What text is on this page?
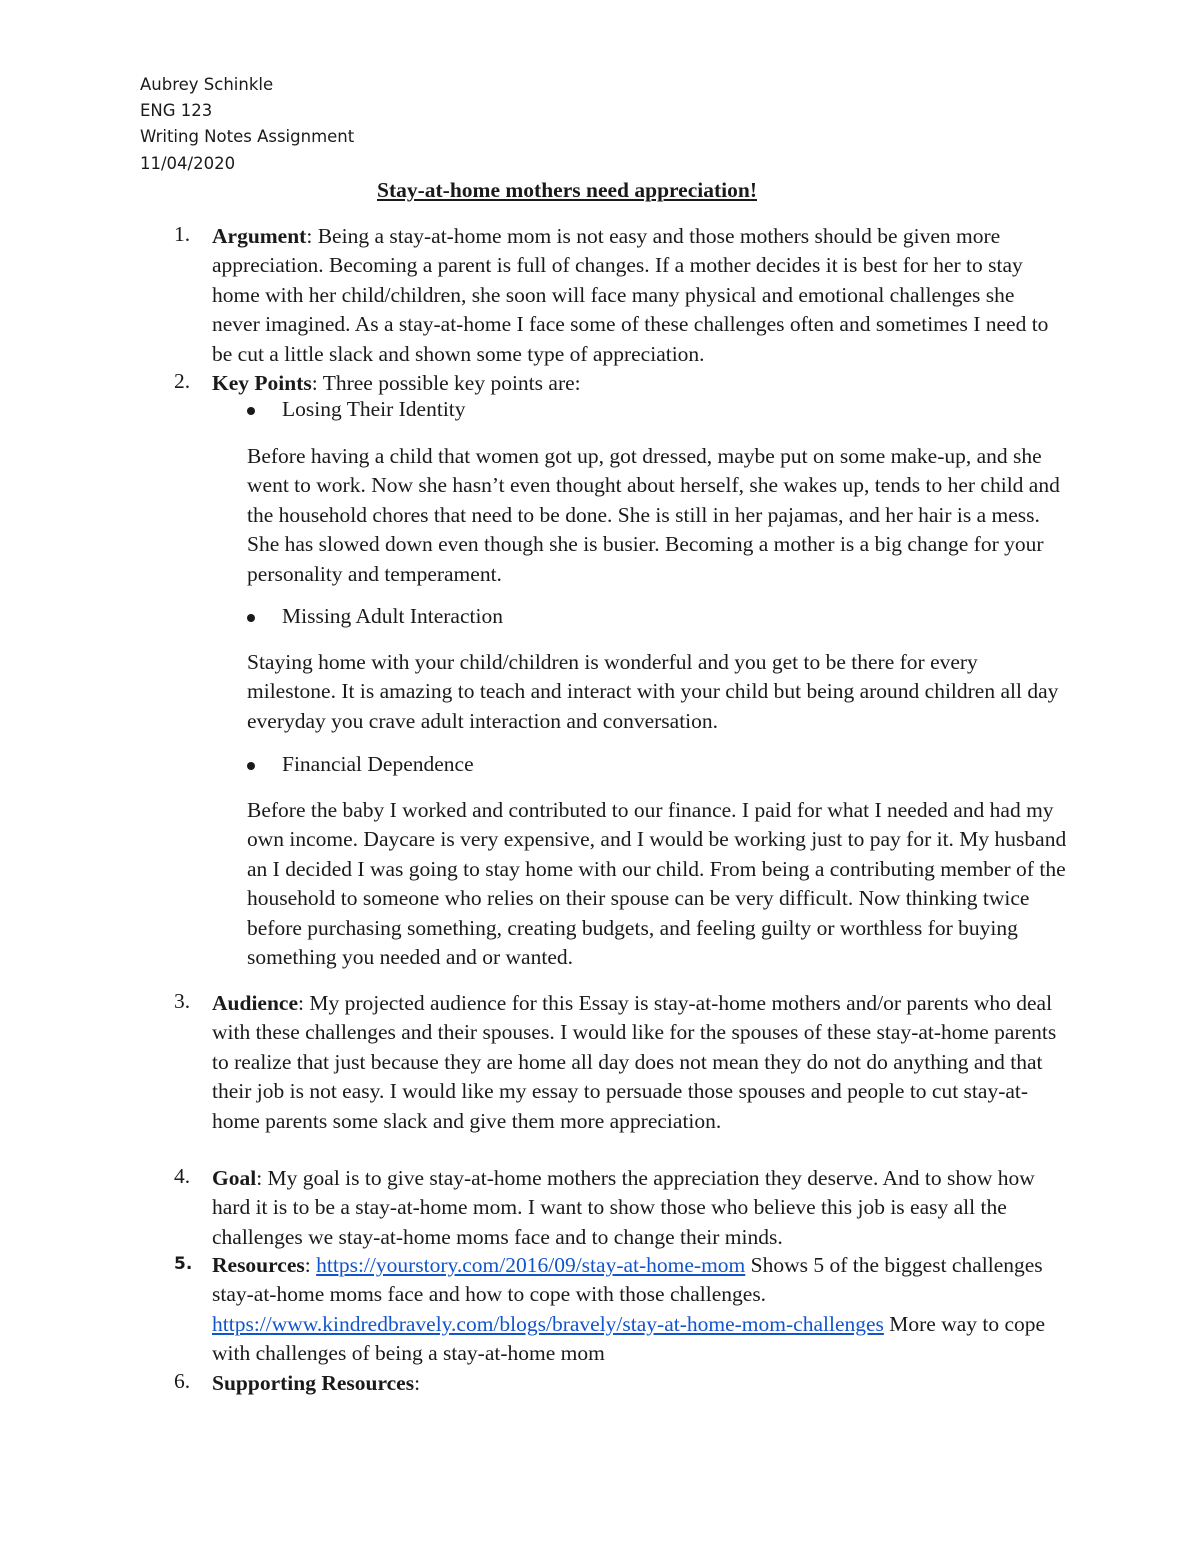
Aubrey Schinkle
ENG 123
Writing Notes Assignment
11/04/2020
Stay-at-home mothers need appreciation!
1. Argument: Being a stay-at-home mom is not easy and those mothers should be given more appreciation. Becoming a parent is full of changes. If a mother decides it is best for her to stay home with her child/children, she soon will face many physical and emotional challenges she never imagined. As a stay-at-home I face some of these challenges often and sometimes I need to be cut a little slack and shown some type of appreciation.
2. Key Points: Three possible key points are:
Losing Their Identity
Before having a child that women got up, got dressed, maybe put on some make-up, and she went to work. Now she hasn’t even thought about herself, she wakes up, tends to her child and the household chores that need to be done. She is still in her pajamas, and her hair is a mess. She has slowed down even though she is busier. Becoming a mother is a big change for your personality and temperament.
Missing Adult Interaction
Staying home with your child/children is wonderful and you get to be there for every milestone. It is amazing to teach and interact with your child but being around children all day everyday you crave adult interaction and conversation.
Financial Dependence
Before the baby I worked and contributed to our finance. I paid for what I needed and had my own income. Daycare is very expensive, and I would be working just to pay for it. My husband an I decided I was going to stay home with our child. From being a contributing member of the household to someone who relies on their spouse can be very difficult. Now thinking twice before purchasing something, creating budgets, and feeling guilty or worthless for buying something you needed and or wanted.
3. Audience: My projected audience for this Essay is stay-at-home mothers and/or parents who deal with these challenges and their spouses. I would like for the spouses of these stay-at-home parents to realize that just because they are home all day does not mean they do not do anything and that their job is not easy. I would like my essay to persuade those spouses and people to cut stay-at-home parents some slack and give them more appreciation.
4. Goal: My goal is to give stay-at-home mothers the appreciation they deserve. And to show how hard it is to be a stay-at-home mom. I want to show those who believe this job is easy all the challenges we stay-at-home moms face and to change their minds.
5. Resources: https://yourstory.com/2016/09/stay-at-home-mom Shows 5 of the biggest challenges stay-at-home moms face and how to cope with those challenges.
https://www.kindredbravely.com/blogs/bravely/stay-at-home-mom-challenges More way to cope with challenges of being a stay-at-home mom
6. Supporting Resources:
